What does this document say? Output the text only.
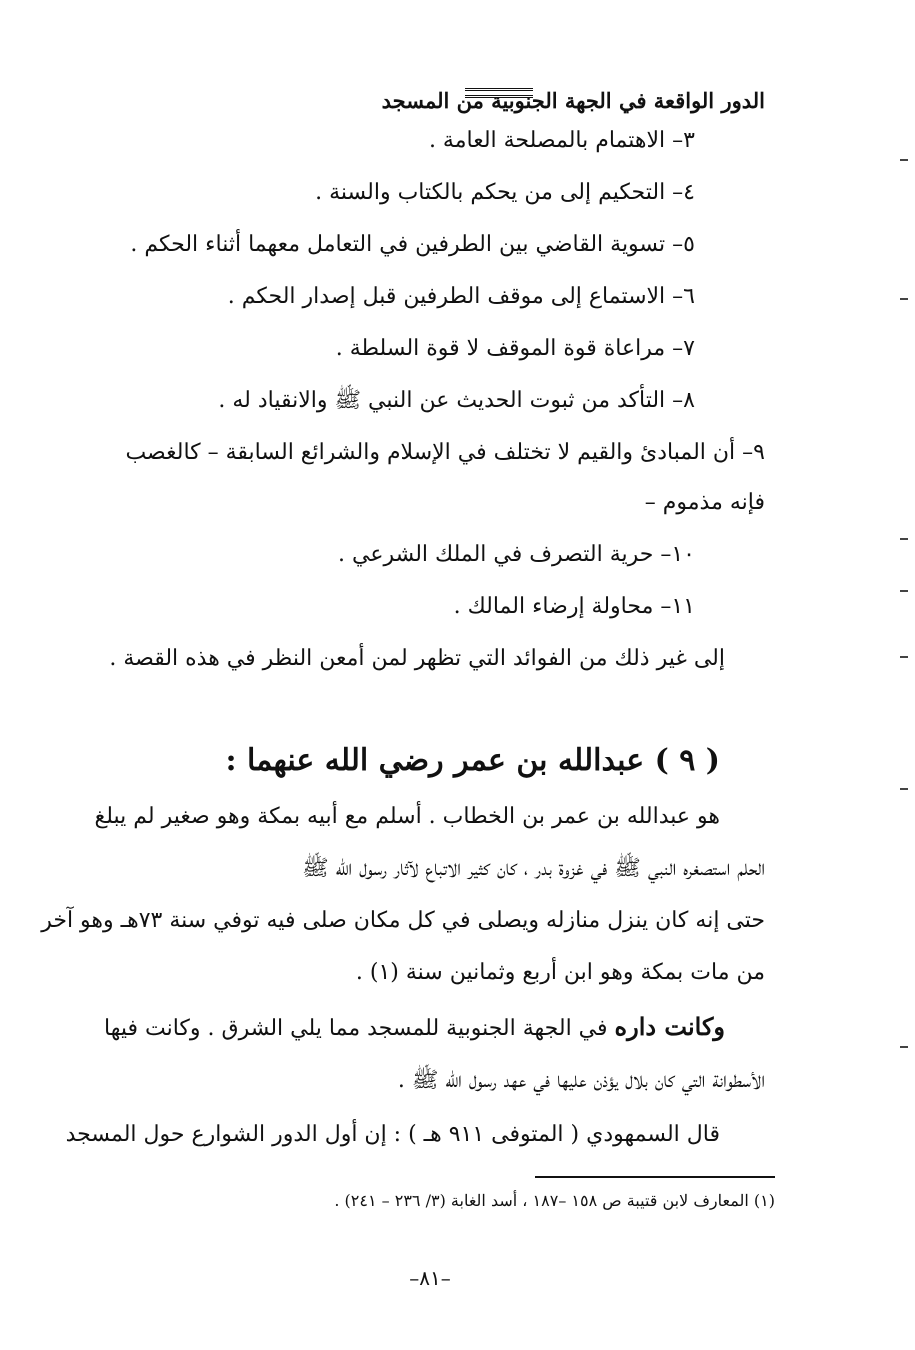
الدور الواقعة في الجهة الجنوبية من المسجد
٣– الاهتمام بالمصلحة العامة .
٤– التحكيم إلى من يحكم بالكتاب والسنة .
٥– تسوية القاضي بين الطرفين في التعامل معهما أثناء الحكم .
٦– الاستماع إلى موقف الطرفين قبل إصدار الحكم .
٧– مراعاة قوة الموقف لا قوة السلطة .
٨– التأكد من ثبوت الحديث عن النبي ﷺ والانقياد له .
٩– أن المبادئ والقيم لا تختلف في الإسلام والشرائع السابقة – كالغصب
فإنه مذموم –
١٠– حرية التصرف في الملك الشرعي .
١١– محاولة إرضاء المالك .
إلى غير ذلك من الفوائد التي تظهر لمن أمعن النظر في هذه القصة .
( ٩ ) عبدالله بن عمر رضي الله عنهما :
هو عبدالله بن عمر بن الخطاب . أسلم مع أبيه بمكة وهو صغير لم يبلغ
الحلم استصغره النبي ﷺ في غزوة بدر ، كان كثير الاتباع لآثار رسول الله ﷺ
حتى إنه كان ينزل منازله ويصلى في كل مكان صلى فيه توفي سنة ٧٣هـ وهو آخر
من مات بمكة وهو ابن أربع وثمانين سنة (١) .
وكانت داره في الجهة الجنوبية للمسجد مما يلي الشرق . وكانت فيها
الأسطوانة التي كان بلال يؤذن عليها في عهد رسول الله ﷺ .
قال السمهودي ( المتوفى ٩١١ هـ ) : إن أول الدور الشوارع حول المسجد
(١) المعارف لابن قتيبة ص ١٥٨ –١٨٧ ، أسد الغابة (٣/ ٢٣٦ – ٢٤١) .
–٨١–
